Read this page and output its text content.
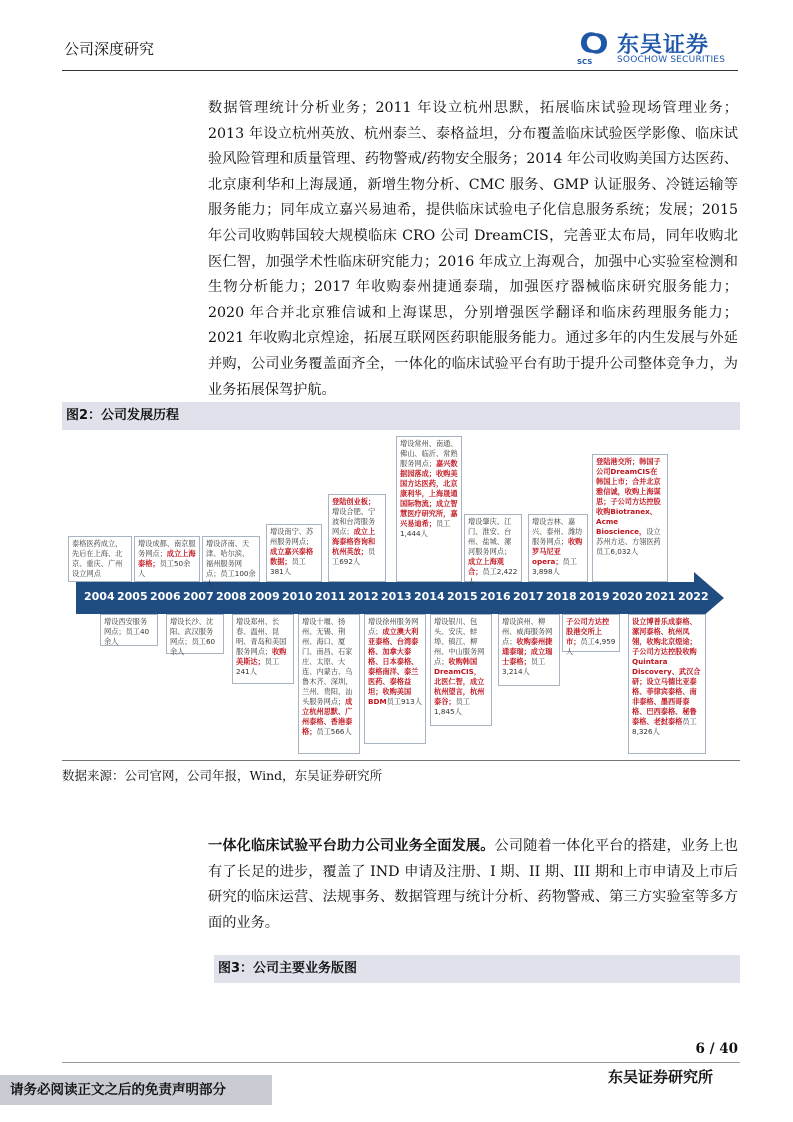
公司深度研究
SCS
东吴证券
SOOCHOW SECURITIES
数据管理统计分析业务；2011 年设立杭州思默，拓展临床试验现场管理业务；2013 年设立杭州英放、杭州泰兰、泰格益坦，分布覆盖临床试验医学影像、临床试验风险管理和质量管理、药物警戒/药物安全服务；2014 年公司收购美国方达医药、北京康利华和上海晟通，新增生物分析、CMC 服务、GMP 认证服务、冷链运输等服务能力；同年成立嘉兴易迪希，提供临床试验电子化信息服务系统；发展；2015 年公司收购韩国较大规模临床 CRO 公司 DreamCIS，完善亚太布局，同年收购北医仁智，加强学术性临床研究能力；2016 年成立上海观合，加强中心实验室检测和生物分析能力；2017 年收购泰州捷通泰瑞，加强医疗器械临床研究服务能力；2020 年合并北京雅信诚和上海谋思，分别增强医学翻译和临床药理服务能力；2021 年收购北京煌途，拓展互联网医药职能服务能力。通过多年的内生发展与外延并购，公司业务覆盖面齐全，一体化的临床试验平台有助于提升公司整体竞争力，为业务拓展保驾护航。
图2：公司发展历程
2004 2005 2006 2007 2008 2009 2010 2011 2012 2013 2014 2015 2016 2017 2018 2019 2020 2021 2022
泰格医药成立，先后在上海、北京、重庆、广州设立网点
增设成都、南京服务网点；成立上海泰格；员工50余人
增设济南、天津、哈尔滨、福州服务网点；员工100余人
增设南宁、苏州服务网点；成立嘉兴泰格数据；员工381人
登陆创业板；增设合肥、宁波和台湾服务网点；成立上海泰格咨询和杭州英放；员工692人
增设常州、南通、佛山、临沂、常熟服务网点；嘉兴数据园落成；收购美国方达医药，北京康利华，上海晟通国际物流；成立智慧医疗研究所，嘉兴易迪希；员工1,444人
增设肇庆、江门、淮安、台州、盐城、漯河服务网点；成立上海观合；员工2,422人
增设吉林、嘉兴、泰州、潍坊服务网点；收购罗马尼亚 opera；员工3,898人
登陆港交所；韩国子公司DreamCIS在韩国上市；合并北京雅信诚，收购上海谋思；子公司方达控股收购Biotranex、Acme Bioscience，设立苏州方达、方翎医药员工6,032人
增设西安服务网点；员工40余人
增设长沙、沈阳、武汉服务网点；员工60余人
增设郑州、长春、温州、昆明、青岛和美国服务网点；收购美斯达；员工241人
增设十堰、扬州、无锡、荆州、海口、厦门、南昌、石家庄、太原、大连、内蒙古、乌鲁木齐、深圳、兰州、贵阳、汕头服务网点；成立杭州思默、广州泰格、香港泰格；员工566人
增设徐州服务网点；成立澳大利亚泰格、台湾泰格、加拿大泰格、日本泰格、泰格南洋、泰兰医药、泰格益坦；收购美国BDM员工913人
增设银川、包头、安庆、蚌埠、镇江、柳州、中山服务网点；收购韩国DreamCIS，北医仁智，成立杭州望言，杭州泰谷；员工1,845人
增设滨州、柳州、威海服务网点；收购泰州捷通泰瑞；成立瑞士泰格；员工3,214人
子公司方达控股港交所上市；员工4,959人
设立博普乐成泰格、漯河泰格、杭州凤翎，收购北京煌途；子公司方达控股收购Quintara Discovery、武汉合研；设立马德比亚泰格、菲律宾泰格、南非泰格、墨西哥泰格、巴西泰格、秘鲁泰格、老挝泰格员工8,326人
数据来源：公司官网，公司年报，Wind，东吴证券研究所
一体化临床试验平台助力公司业务全面发展。公司随着一体化平台的搭建，业务上也有了长足的进步，覆盖了 IND 申请及注册、I 期、II 期、III 期和上市申请及上市后研究的临床运营、法规事务、数据管理与统计分析、药物警戒、第三方实验室等多方面的业务。
图3：公司主要业务版图
6 / 40
请务必阅读正文之后的免责声明部分
东吴证券研究所
